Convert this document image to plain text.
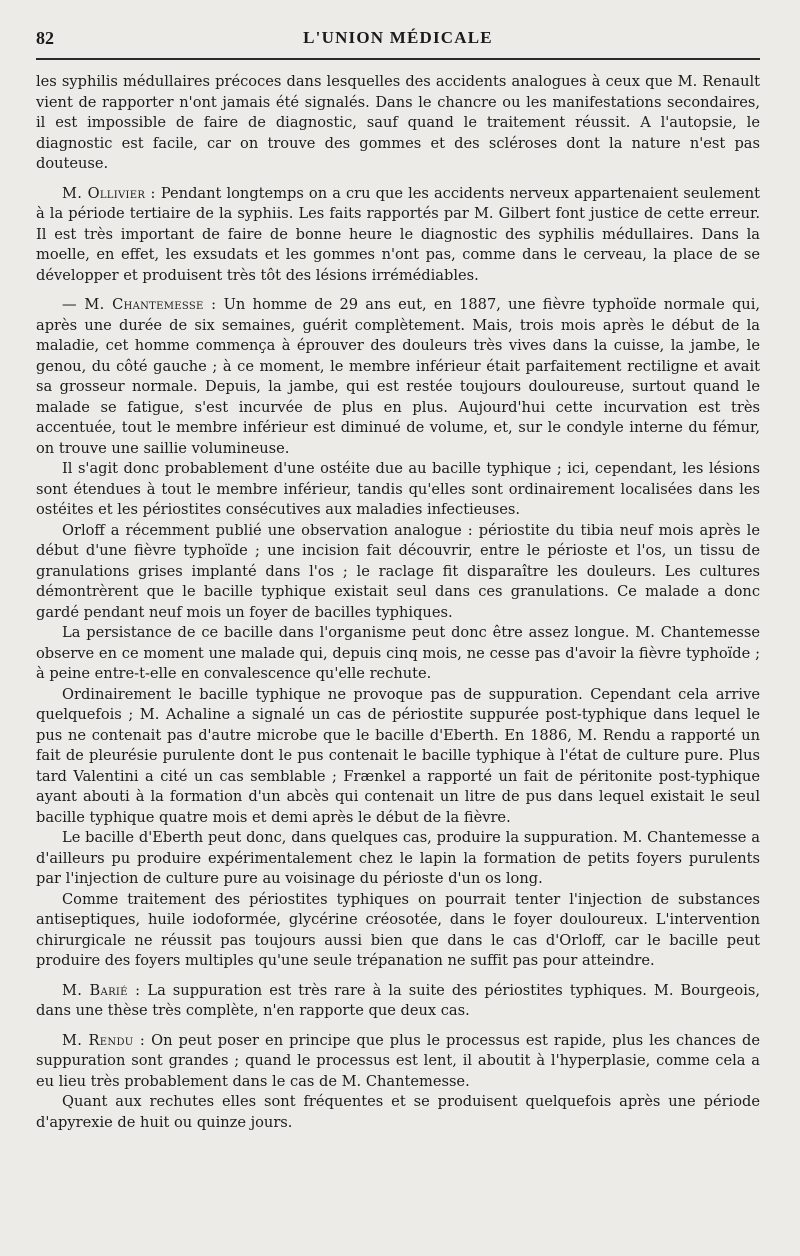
82	L'UNION MÉDICALE

les syphilis médullaires précoces dans lesquelles des accidents analogues à ceux que M. Renault vient de rapporter n'ont jamais été signalés. Dans le chancre ou les manifestations secondaires, il est impossible de faire de diagnostic, sauf quand le traitement réussit. A l'autopsie, le diagnostic est facile, car on trouve des gommes et des scléroses dont la nature n'est pas douteuse.

M. Ollivier : Pendant longtemps on a cru que les accidents nerveux appartenaient seulement à la période tertiaire de la syphiis. Les faits rapportés par M. Gilbert font justice de cette erreur. Il est très important de faire de bonne heure le diagnostic des syphilis médullaires. Dans la moelle, en effet, les exsudats et les gommes n'ont pas, comme dans le cerveau, la place de se développer et produisent très tôt des lésions irrémédiables.

— M. Chantemesse : Un homme de 29 ans eut, en 1887, une fièvre typhoïde normale qui, après une durée de six semaines, guérit complètement. Mais, trois mois après le début de la maladie, cet homme commença à éprouver des douleurs très vives dans la cuisse, la jambe, le genou, du côté gauche ; à ce moment, le membre inférieur était parfaitement rectiligne et avait sa grosseur normale. Depuis, la jambe, qui est restée toujours douloureuse, surtout quand le malade se fatigue, s'est incurvée de plus en plus. Aujourd'hui cette incurvation est très accentuée, tout le membre inférieur est diminué de volume, et, sur le condyle interne du fémur, on trouve une saillie volumineuse.

Il s'agit donc probablement d'une ostéite due au bacille typhique ; ici, cependant, les lésions sont étendues à tout le membre inférieur, tandis qu'elles sont ordinairement localisées dans les ostéites et les périostites consécutives aux maladies infectieuses.

Orloff a récemment publié une observation analogue : périostite du tibia neuf mois après le début d'une fièvre typhoïde ; une incision fait découvrir, entre le périoste et l'os, un tissu de granulations grises implanté dans l'os ; le raclage fit disparaître les douleurs. Les cultures démontrèrent que le bacille typhique existait seul dans ces granulations. Ce malade a donc gardé pendant neuf mois un foyer de bacilles typhiques.

La persistance de ce bacille dans l'organisme peut donc être assez longue. M. Chantemesse observe en ce moment une malade qui, depuis cinq mois, ne cesse pas d'avoir la fièvre typhoïde ; à peine entre-t-elle en convalescence qu'elle rechute.

Ordinairement le bacille typhique ne provoque pas de suppuration. Cependant cela arrive quelquefois ; M. Achaline a signalé un cas de périostite suppurée post-typhique dans lequel le pus ne contenait pas d'autre microbe que le bacille d'Eberth. En 1886, M. Rendu a rapporté un fait de pleurésie purulente dont le pus contenait le bacille typhique à l'état de culture pure. Plus tard Valentini a cité un cas semblable ; Frænkel a rapporté un fait de péritonite post-typhique ayant abouti à la formation d'un abcès qui contenait un litre de pus dans lequel existait le seul bacille typhique quatre mois et demi après le début de la fièvre.

Le bacille d'Eberth peut donc, dans quelques cas, produire la suppuration. M. Chantemesse a d'ailleurs pu produire expérimentalement chez le lapin la formation de petits foyers purulents par l'injection de culture pure au voisinage du périoste d'un os long.

Comme traitement des périostites typhiques on pourrait tenter l'injection de substances antiseptiques, huile iodoformée, glycérine créosotée, dans le foyer douloureux. L'intervention chirurgicale ne réussit pas toujours aussi bien que dans le cas d'Orloff, car le bacille peut produire des foyers multiples qu'une seule trépanation ne suffit pas pour atteindre.

M. Barié : La suppuration est très rare à la suite des périostites typhiques. M. Bourgeois, dans une thèse très complète, n'en rapporte que deux cas.

M. Rendu : On peut poser en principe que plus le processus est rapide, plus les chances de suppuration sont grandes ; quand le processus est lent, il aboutit à l'hyperplasie, comme cela a eu lieu très probablement dans le cas de M. Chantemesse.

Quant aux rechutes elles sont fréquentes et se produisent quelquefois après une période d'apyrexie de huit ou quinze jours.
